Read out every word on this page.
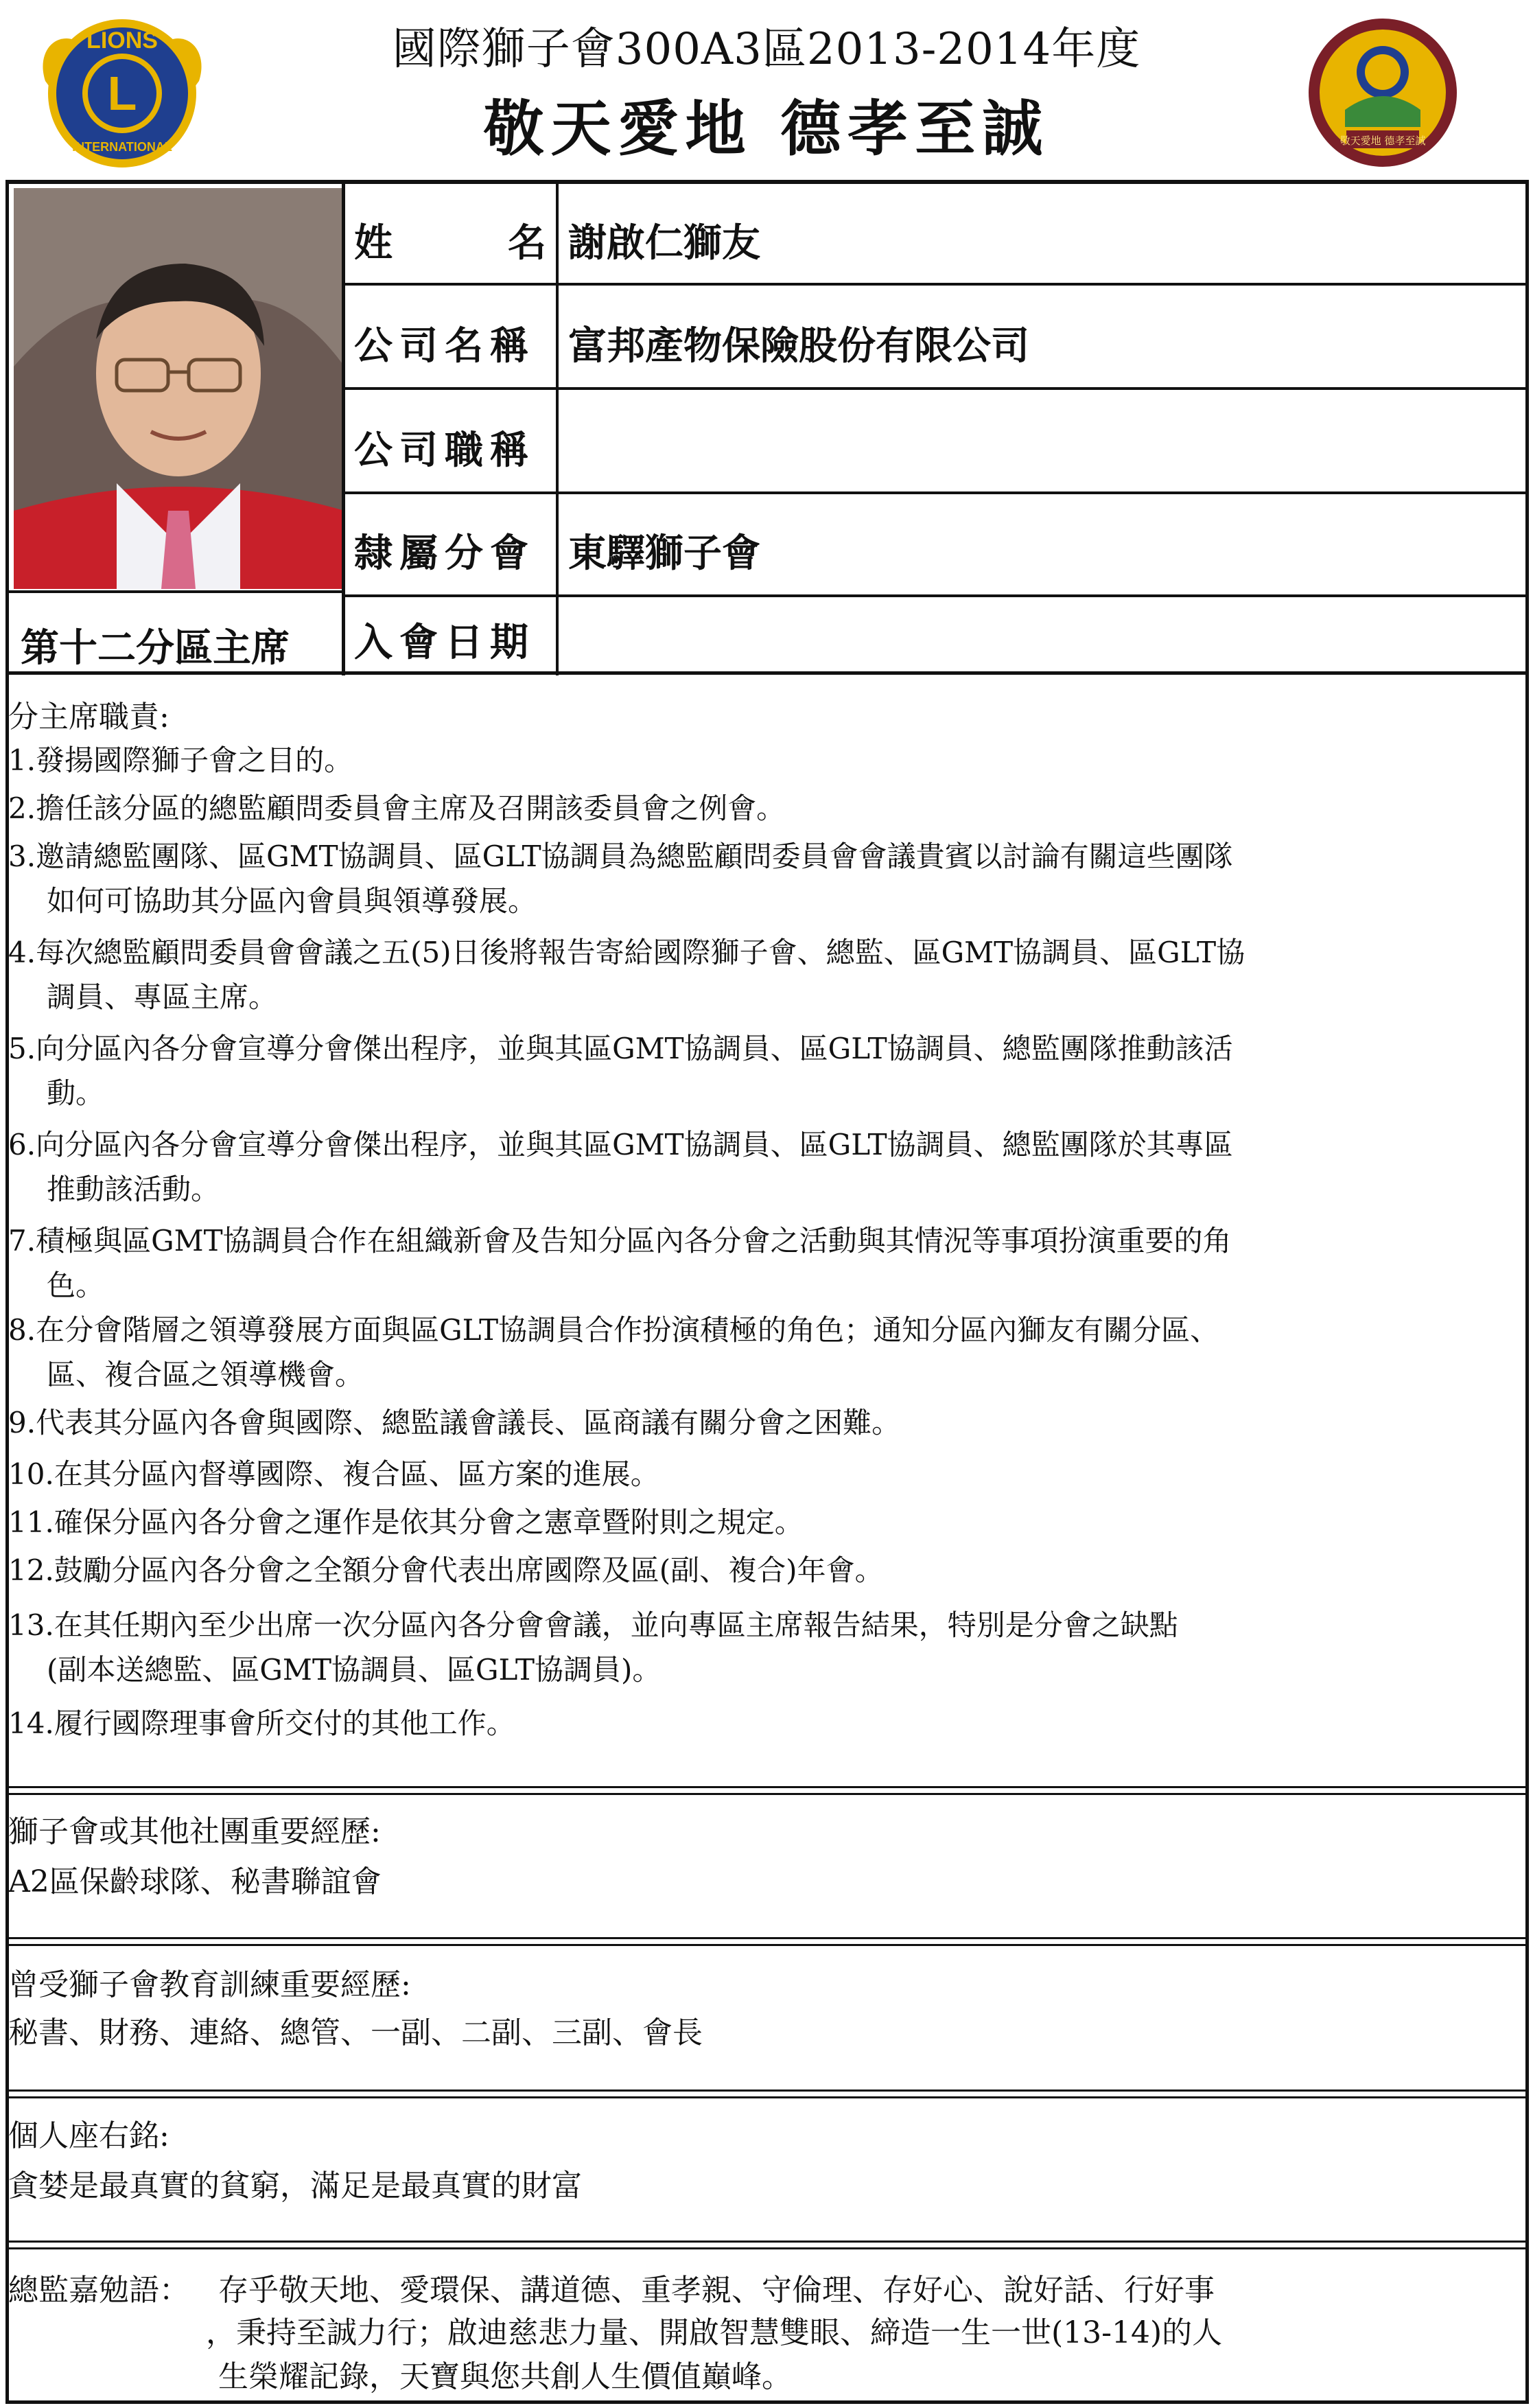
L
LIONS
INTERNATIONAL
國際獅子會300A3區2013-2014年度
敬天愛地 德孝至誠	敬天愛地 德孝至誠
第十二分區主席
姓　　　名 謝啟仁獅友
公司名稱 富邦產物保險股份有限公司
公司職稱
隸屬分會 東驛獅子會
入會日期
分主席職責:
1.發揚國際獅子會之目的。
2.擔任該分區的總監顧問委員會主席及召開該委員會之例會。
3.邀請總監團隊、區GMT協調員、區GLT協調員為總監顧問委員會會議貴賓以討論有關這些團隊
如何可協助其分區內會員與領導發展。
4.每次總監顧問委員會會議之五(5)日後將報告寄給國際獅子會、總監、區GMT協調員、區GLT協
調員、專區主席。
5.向分區內各分會宣導分會傑出程序，並與其區GMT協調員、區GLT協調員、總監團隊推動該活
動。
6.向分區內各分會宣導分會傑出程序，並與其區GMT協調員、區GLT協調員、總監團隊於其專區
推動該活動。
7.積極與區GMT協調員合作在組織新會及告知分區內各分會之活動與其情況等事項扮演重要的角
色。
8.在分會階層之領導發展方面與區GLT協調員合作扮演積極的角色；通知分區內獅友有關分區、
區、複合區之領導機會。
9.代表其分區內各會與國際、總監議會議長、區商議有關分會之困難。
10.在其分區內督導國際、複合區、區方案的進展。
11.確保分區內各分會之運作是依其分會之憲章暨附則之規定。
12.鼓勵分區內各分會之全額分會代表出席國際及區(副、複合)年會。
13.在其任期內至少出席一次分區內各分會會議，並向專區主席報告結果，特別是分會之缺點
(副本送總監、區GMT協調員、區GLT協調員)。
14.履行國際理事會所交付的其他工作。
獅子會或其他社團重要經歷:
A2區保齡球隊、秘書聯誼會
曾受獅子會教育訓練重要經歷:
秘書、財務、連絡、總管、一副、二副、三副、會長
個人座右銘:
貪婪是最真實的貧窮，滿足是最真實的財富
總監嘉勉語： 存乎敬天地、愛環保、講道德、重孝親、守倫理、存好心、說好話、行好事
，秉持至誠力行；啟迪慈悲力量、開啟智慧雙眼、締造一生一世(13-14)的人
生榮耀記錄，天寶與您共創人生價值巔峰。
